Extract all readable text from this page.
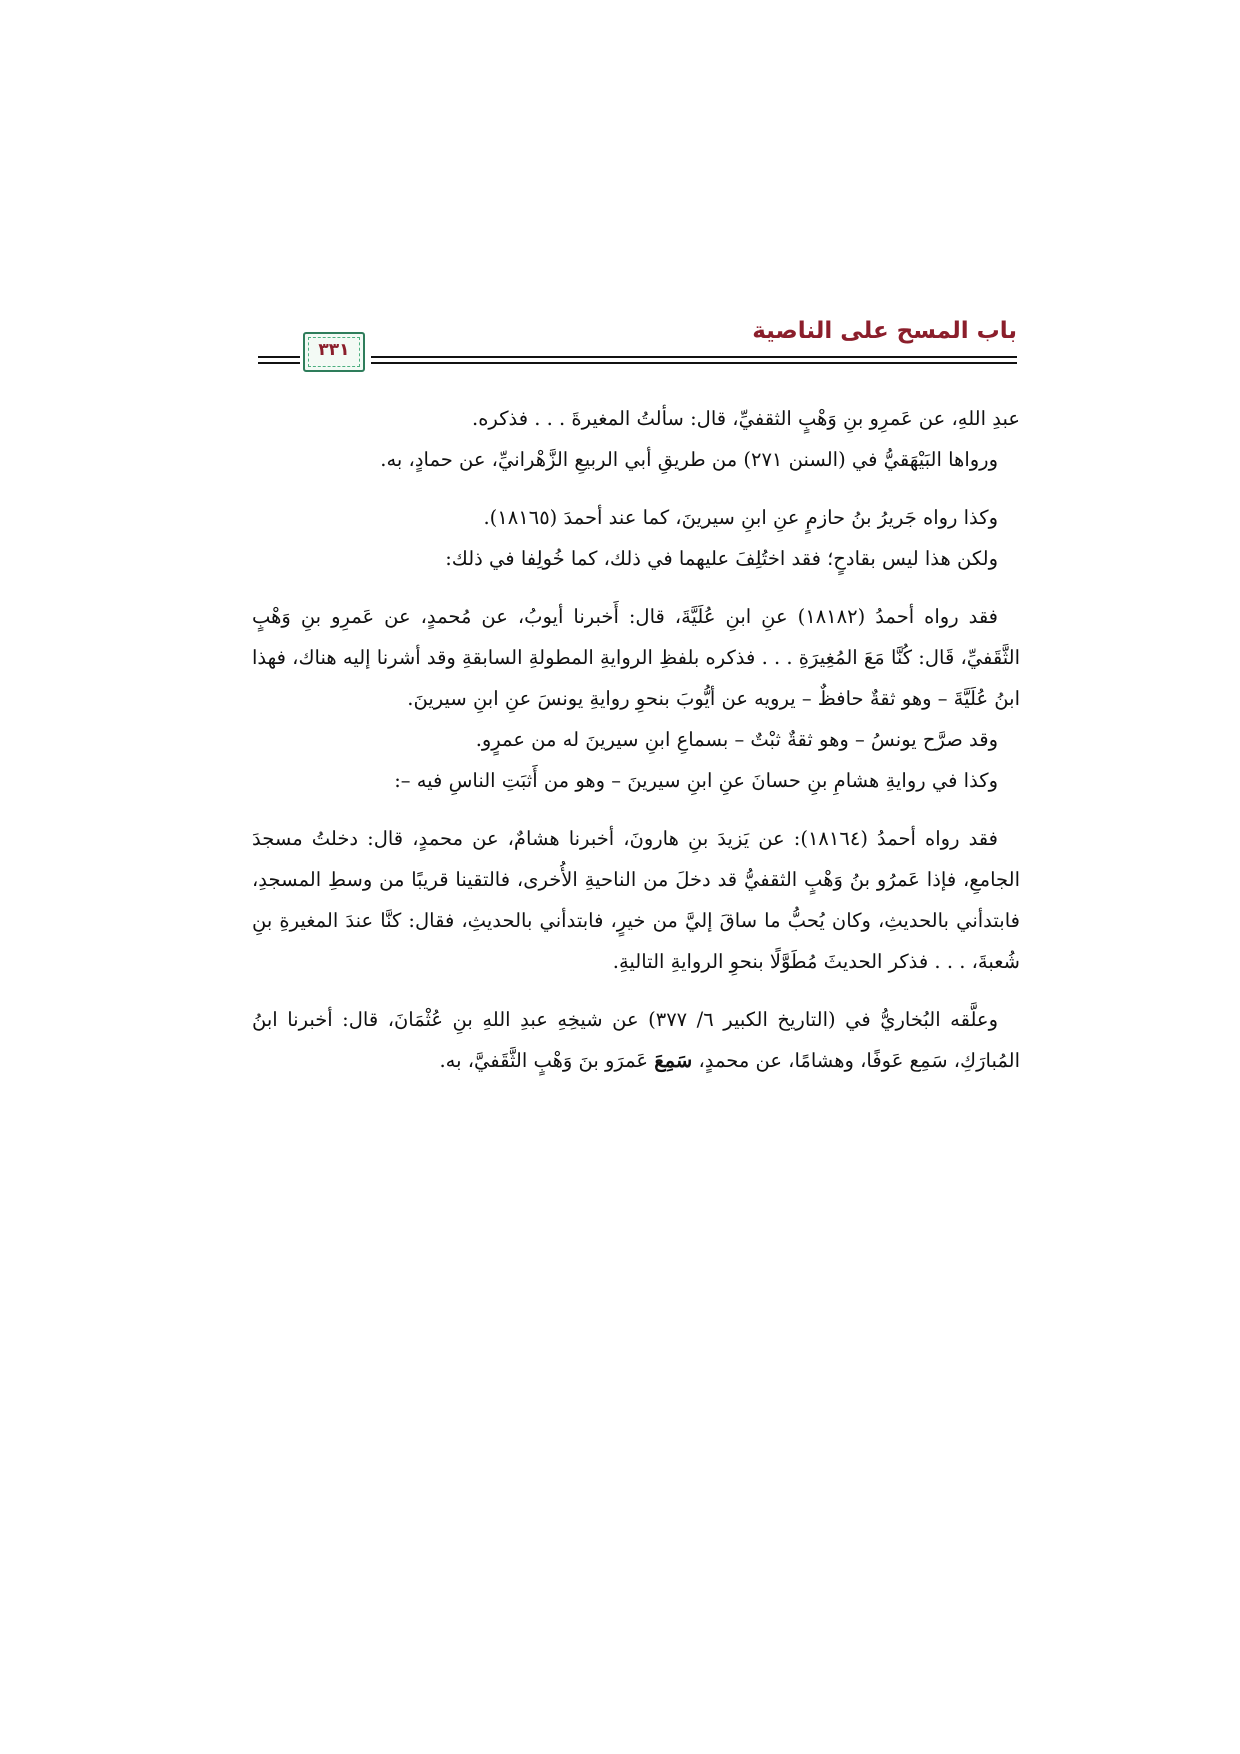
باب المسح على الناصية
٣٣١

عبدِ اللهِ، عن عَمرِو بنِ وَهْبٍ الثقفيِّ، قال: سألتُ المغيرةَ . . . فذكره.

ورواها البَيْهَقيُّ في (السنن ٢٧١) من طريقِ أبي الربيعِ الزَّهْرانيِّ، عن حمادٍ، به.

وكذا رواه جَريرُ بنُ حازمٍ عنِ ابنِ سيرينَ، كما عند أحمدَ (١٨١٦٥).

ولكن هذا ليس بقادحٍ؛ فقد اختُلِفَ عليهما في ذلك، كما خُولِفا في ذلك:

فقد رواه أحمدُ (١٨١٨٢) عنِ ابنِ عُلَيَّةَ، قال: أَخبرنا أيوبُ، عن مُحمدٍ، عن عَمرِو بنِ وَهْبٍ الثَّقَفيِّ، قَال: كُنَّا مَعَ المُغِيرَةِ . . . فذكره بلفظِ الروايةِ المطولةِ السابقةِ وقد أشرنا إليه هناك، فهذا ابنُ عُلَيَّةَ – وهو ثقةٌ حافظٌ – يرويه عن أيُّوبَ بنحوِ روايةِ يونسَ عنِ ابنِ سيرينَ.

وقد صرَّح يونسُ – وهو ثقةٌ ثبْتٌ – بسماعِ ابنِ سيرينَ له من عمرٍو.

وكذا في روايةِ هشامِ بنِ حسانَ عنِ ابنِ سيرينَ – وهو من أَثبَتِ الناسِ فيه –:

فقد رواه أحمدُ (١٨١٦٤): عن يَزيدَ بنِ هارونَ، أخبرنا هشامٌ، عن محمدٍ، قال: دخلتُ مسجدَ الجامعِ، فإذا عَمرُو بنُ وَهْبٍ الثقفيُّ قد دخلَ من الناحيةِ الأُخرى، فالتقينا قريبًا من وسطِ المسجدِ، فابتدأني بالحديثِ، وكان يُحبُّ ما ساقَ إليَّ من خيرٍ، فابتدأني بالحديثِ، فقال: كنَّا عندَ المغيرةِ بنِ شُعبةَ، . . . فذكر الحديثَ مُطَوَّلًا بنحوِ الروايةِ التاليةِ.

وعلَّقه البُخاريُّ في (التاريخ الكبير ٦/ ٣٧٧) عن شيخِهِ عبدِ اللهِ بنِ عُثْمَانَ، قال: أخبرنا ابنُ المُبارَكِ، سَمِع عَوفًا، وهشامًا، عن محمدٍ، سَمِعَ عَمرَو بنَ وَهْبٍ الثَّقَفيَّ، به.
